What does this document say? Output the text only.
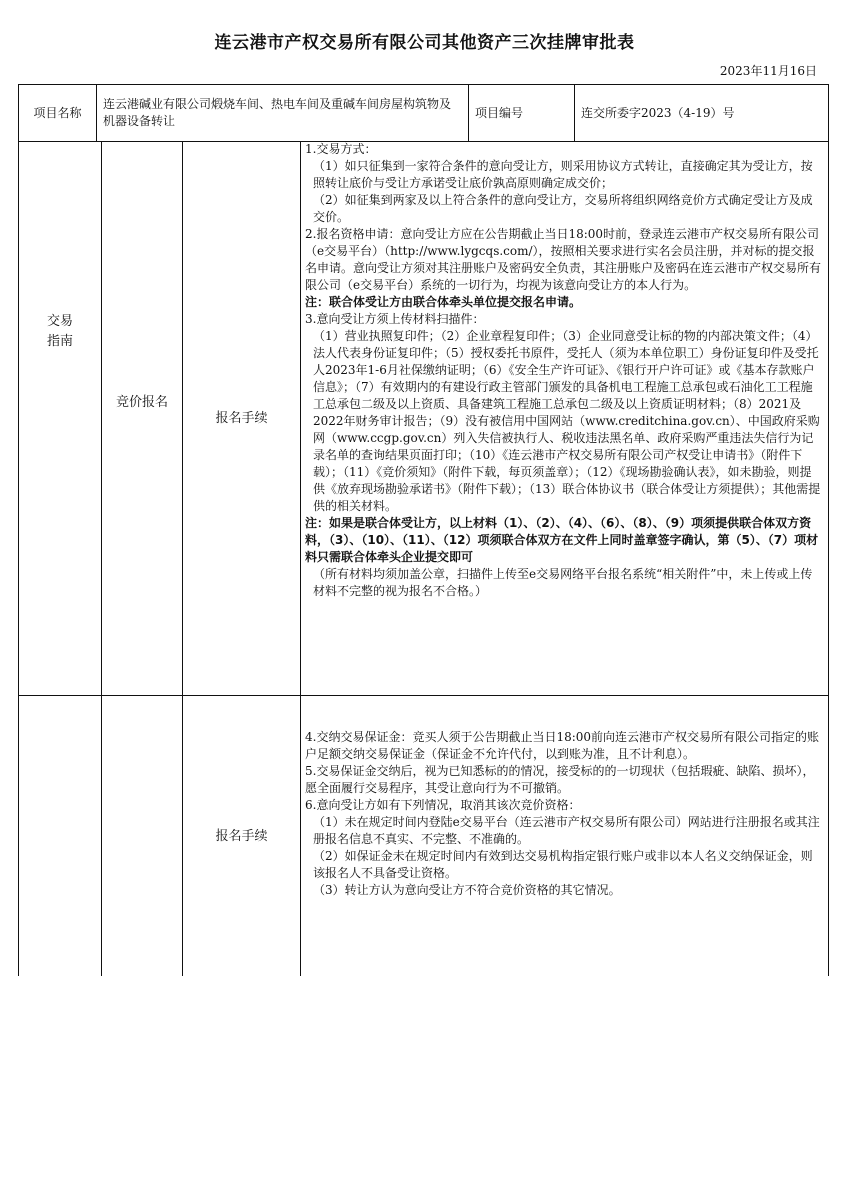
连云港市产权交易所有限公司其他资产三次挂牌审批表
2023年11月16日
项目名称
连云港碱业有限公司煅烧车间、热电车间及重碱车间房屋构筑物及机器设备转让
项目编号	连交所委字2023（4-19）号
交易
指南
竞价报名
报名手续

1.交易方式：

（1）如只征集到一家符合条件的意向受让方，则采用协议方式转让，直接确定其为受让方，按照转让底价与受让方承诺受让底价孰高原则确定成交价；

（2）如征集到两家及以上符合条件的意向受让方，交易所将组织网络竞价方式确定受让方及成交价。

2.报名资格申请：意向受让方应在公告期截止当日18:00时前，登录连云港市产权交易所有限公司（e交易平台）（http://www.lygcqs.com/），按照相关要求进行实名会员注册，并对标的提交报名申请。意向受让方须对其注册账户及密码安全负责，其注册账户及密码在连云港市产权交易所有限公司（e交易平台）系统的一切行为，均视为该意向受让方的本人行为。

注：联合体受让方由联合体牵头单位提交报名申请。

3.意向受让方须上传材料扫描件：

（1）营业执照复印件；（2）企业章程复印件；（3）企业同意受让标的物的内部决策文件；（4）法人代表身份证复印件；（5）授权委托书原件，受托人（须为本单位职工）身份证复印件及受托人2023年1-6月社保缴纳证明；（6）《安全生产许可证》、《银行开户许可证》或《基本存款账户信息》；（7）有效期内的有建设行政主管部门颁发的具备机电工程施工总承包或石油化工工程施工总承包二级及以上资质、具备建筑工程施工总承包二级及以上资质证明材料；（8）2021及2022年财务审计报告；（9）没有被信用中国网站（www.creditchina.gov.cn）、中国政府采购网（www.ccgp.gov.cn）列入失信被执行人、税收违法黑名单、政府采购严重违法失信行为记录名单的查询结果页面打印；（10）《连云港市产权交易所有限公司产权受让申请书》（附件下载）；（11）《竞价须知》（附件下载，每页须盖章）；（12）《现场勘验确认表》，如未勘验，则提供《放弃现场勘验承诺书》（附件下载）；（13）联合体协议书（联合体受让方须提供）；其他需提供的相关材料。

注：如果是联合体受让方，以上材料（1）、（2）、（4）、（6）、（8）、（9）项须提供联合体双方资料，（3）、（10）、（11）、（12）项须联合体双方在文件上同时盖章签字确认，第（5）、（7）项材料只需联合体牵头企业提交即可

（所有材料均须加盖公章，扫描件上传至e交易网络平台报名系统“相关附件”中，未上传或上传材料不完整的视为报名不合格。）

报名手续

4.交纳交易保证金：竞买人须于公告期截止当日18:00前向连云港市产权交易所有限公司指定的账户足额交纳交易保证金（保证金不允许代付，以到账为准，且不计利息）。

5.交易保证金交纳后，视为已知悉标的的情况，接受标的的一切现状（包括瑕疵、缺陷、损坏），愿全面履行交易程序，其受让意向行为不可撤销。

6.意向受让方如有下列情况，取消其该次竞价资格：

（1）未在规定时间内登陆e交易平台（连云港市产权交易所有限公司）网站进行注册报名或其注册报名信息不真实、不完整、不准确的。

（2）如保证金未在规定时间内有效到达交易机构指定银行账户或非以本人名义交纳保证金，则该报名人不具备受让资格。

（3）转让方认为意向受让方不符合竞价资格的其它情况。
